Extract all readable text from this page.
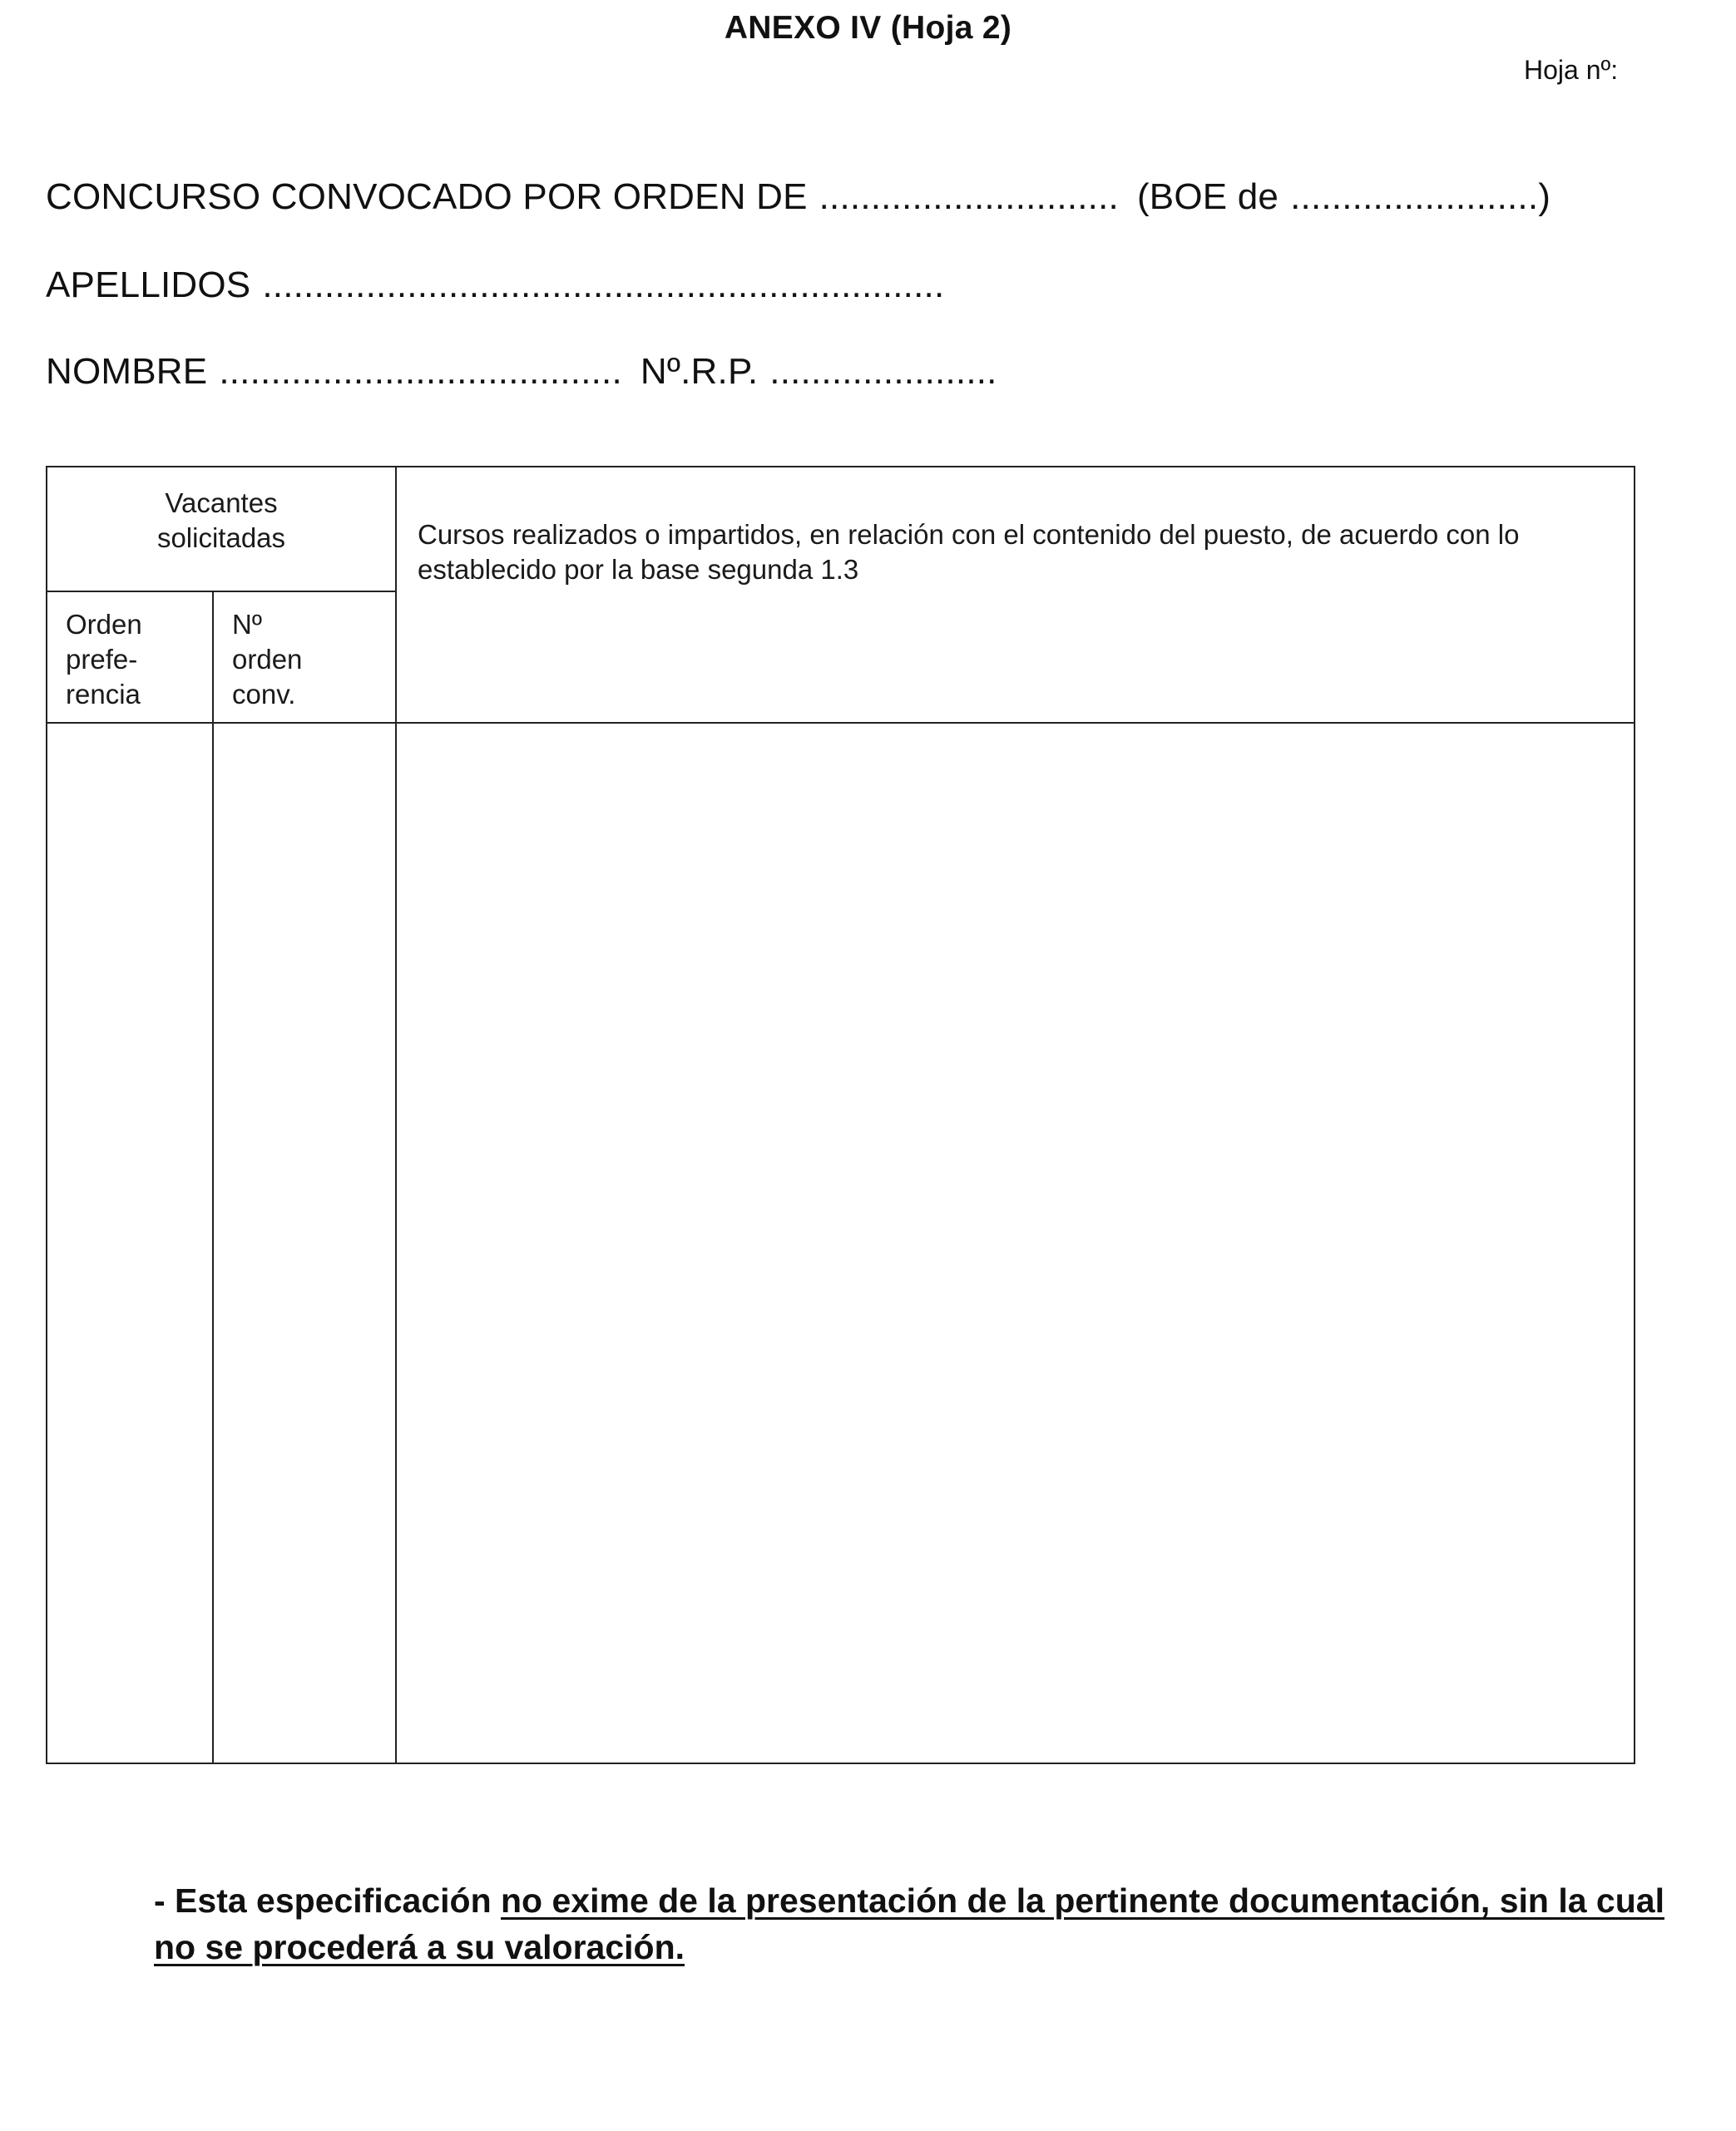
ANEXO IV (Hoja 2)
Hoja nº:
CONCURSO CONVOCADO POR ORDEN DE ............................. (BOE de ........................)
APELLIDOS ..................................................................
NOMBRE ....................................... Nº.R.P. ......................
Vacantes
solicitadas
Orden
prefe-
rencia
Nº
orden
conv.
Cursos realizados o impartidos, en relación con el contenido del puesto, de acuerdo con lo establecido por la base segunda 1.3
- Esta especificación no exime de la presentación de la pertinente documentación, sin la cual no se procederá a su valoración.
